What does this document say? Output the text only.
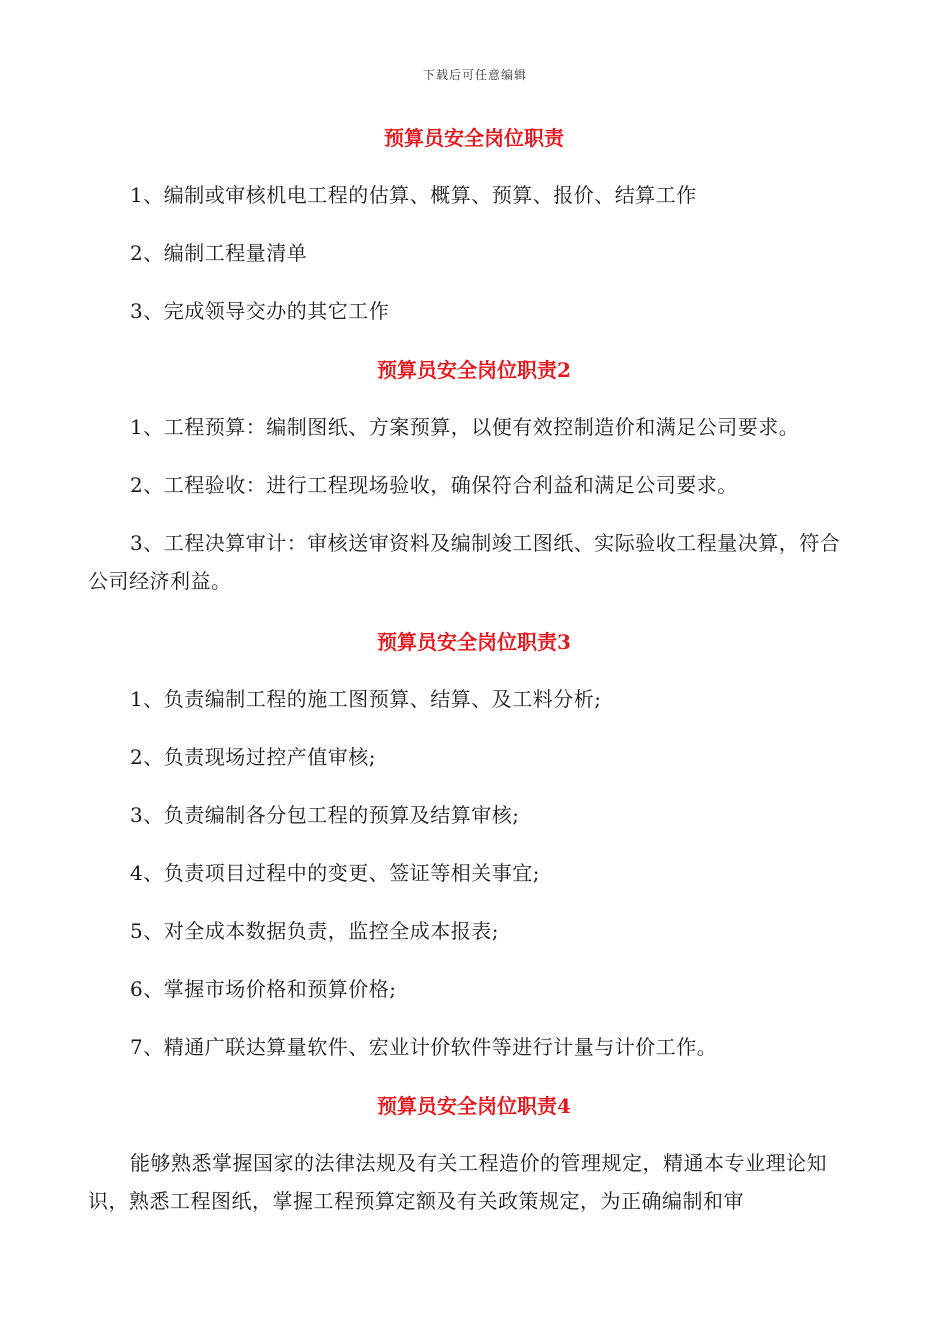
下载后可任意编辑
预算员安全岗位职责

1、编制或审核机电工程的估算、概算、预算、报价、结算工作

2、编制工程量清单

3、完成领导交办的其它工作

预算员安全岗位职责2

1、工程预算：编制图纸、方案预算，以便有效控制造价和满足公司要求。

2、工程验收：进行工程现场验收，确保符合利益和满足公司要求。

3、工程决算审计：审核送审资料及编制竣工图纸、实际验收工程量决算，符合公司经济利益。

预算员安全岗位职责3

1、负责编制工程的施工图预算、结算、及工料分析;

2、负责现场过控产值审核;

3、负责编制各分包工程的预算及结算审核;

4、负责项目过程中的变更、签证等相关事宜;

5、对全成本数据负责，监控全成本报表;

6、掌握市场价格和预算价格;

7、精通广联达算量软件、宏业计价软件等进行计量与计价工作。

预算员安全岗位职责4

能够熟悉掌握国家的法律法规及有关工程造价的管理规定，精通本专业理论知识，熟悉工程图纸，掌握工程预算定额及有关政策规定，为正确编制和审
